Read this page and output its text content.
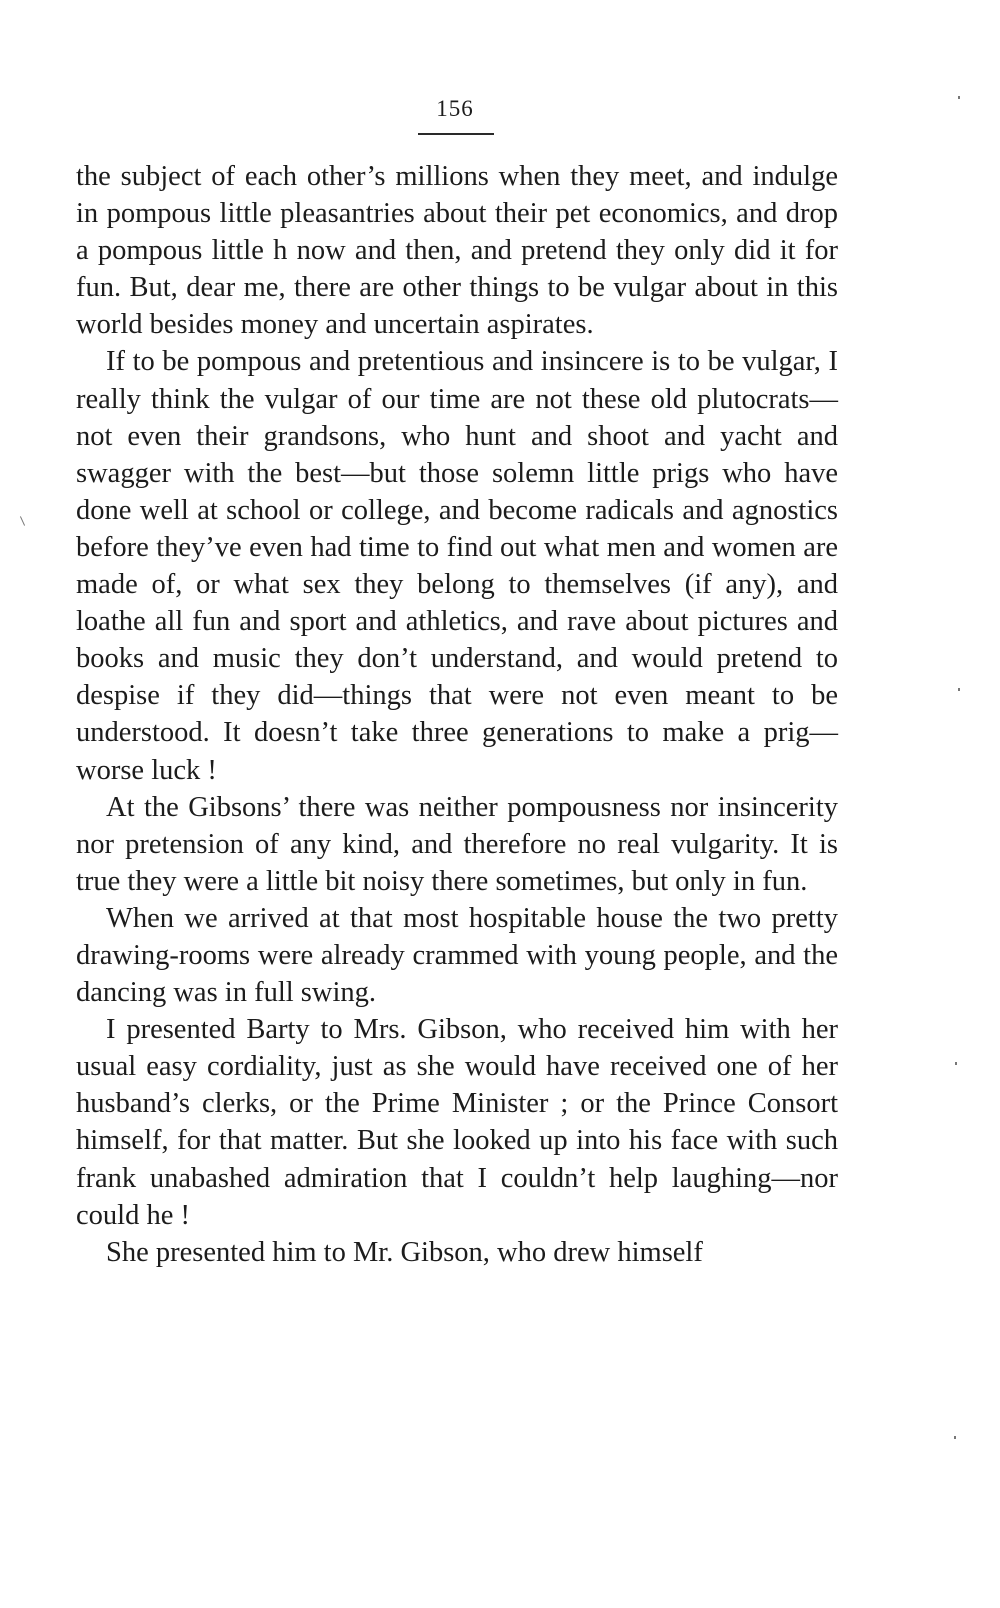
156

the subject of each other’s millions when they meet, and indulge in pompous little pleasantries about their pet economics, and drop a pompous little h now and then, and pretend they only did it for fun. But, dear me, there are other things to be vulgar about in this world besides money and uncertain aspirates.

If to be pompous and pretentious and insincere is to be vulgar, I really think the vulgar of our time are not these old plutocrats—not even their grandsons, who hunt and shoot and yacht and swagger with the best—but those solemn little prigs who have done well at school or college, and become radicals and agnostics before they’ve even had time to find out what men and women are made of, or what sex they belong to themselves (if any), and loathe all fun and sport and athletics, and rave about pictures and books and music they don’t understand, and would pretend to despise if they did—things that were not even meant to be understood. It doesn’t take three generations to make a prig—worse luck !

At the Gibsons’ there was neither pompousness nor insincerity nor pretension of any kind, and therefore no real vulgarity. It is true they were a little bit noisy there sometimes, but only in fun.

When we arrived at that most hospitable house the two pretty drawing-rooms were already crammed with young people, and the dancing was in full swing.

I presented Barty to Mrs. Gibson, who received him with her usual easy cordiality, just as she would have received one of her husband’s clerks, or the Prime Minister ; or the Prince Consort himself, for that matter. But she looked up into his face with such frank unabashed admiration that I couldn’t help laughing—nor could he !

She presented him to Mr. Gibson, who drew himself
